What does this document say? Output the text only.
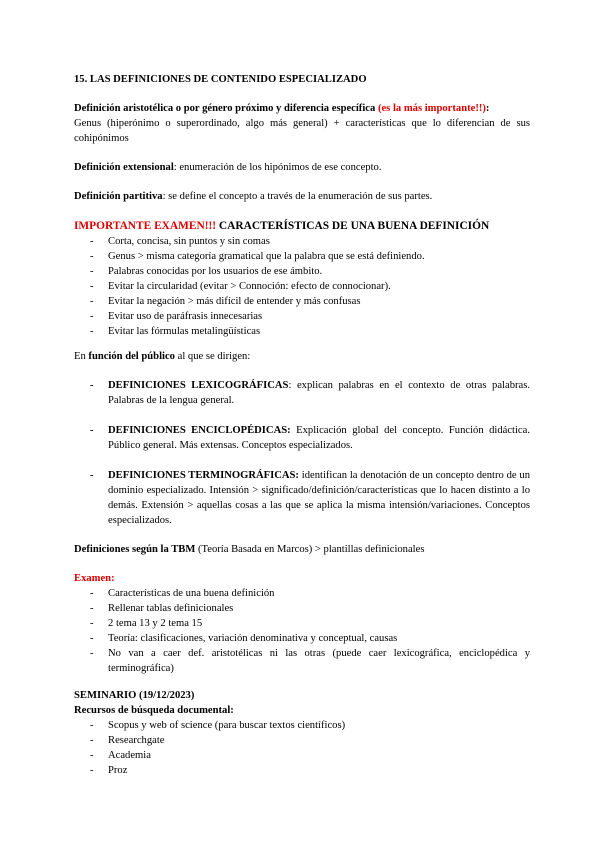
15. LAS DEFINICIONES DE CONTENIDO ESPECIALIZADO
Definición aristotélica o por género próximo y diferencia específica (es la más importante!!):
Genus (hiperónimo o superordinado, algo más general) + características que lo diferencian de sus cohipónimos
Definición extensional: enumeración de los hipónimos de ese concepto.
Definición partitiva: se define el concepto a través de la enumeración de sus partes.
IMPORTANTE EXAMEN!!! CARACTERÍSTICAS DE UNA BUENA DEFINICIÓN
- Corta, concisa, sin puntos y sin comas
- Genus > misma categoría gramatical que la palabra que se está definiendo.
- Palabras conocidas por los usuarios de ese ámbito.
- Evitar la circularidad (evitar > Connoción: efecto de connocionar).
- Evitar la negación > más difícil de entender y más confusas
- Evitar uso de paráfrasis innecesarias
- Evitar las fórmulas metalingüísticas
En función del público al que se dirigen:
- DEFINICIONES LEXICOGRÁFICAS: explican palabras en el contexto de otras palabras. Palabras de la lengua general.
- DEFINICIONES ENCICLOPÉDICAS: Explicación global del concepto. Función didáctica. Público general. Más extensas. Conceptos especializados.
- DEFINICIONES TERMINOGRÁFICAS: identifican la denotación de un concepto dentro de un dominio especializado. Intensión > significado/definición/características que lo hacen distinto a lo demás. Extensión > aquellas cosas a las que se aplica la misma intensión/variaciones. Conceptos especializados.
Definiciones según la TBM (Teoría Basada en Marcos) > plantillas definicionales
Examen:
- Características de una buena definición
- Rellenar tablas definicionales
- 2 tema 13 y 2 tema 15
- Teoría: clasificaciones, variación denominativa y conceptual, causas
- No van a caer def. aristotélicas ni las otras (puede caer lexicográfica, enciclopédica y terminográfica)
SEMINARIO (19/12/2023)
Recursos de búsqueda documental:
- Scopus y web of science (para buscar textos científicos)
- Researchgate
- Academia
- Proz
